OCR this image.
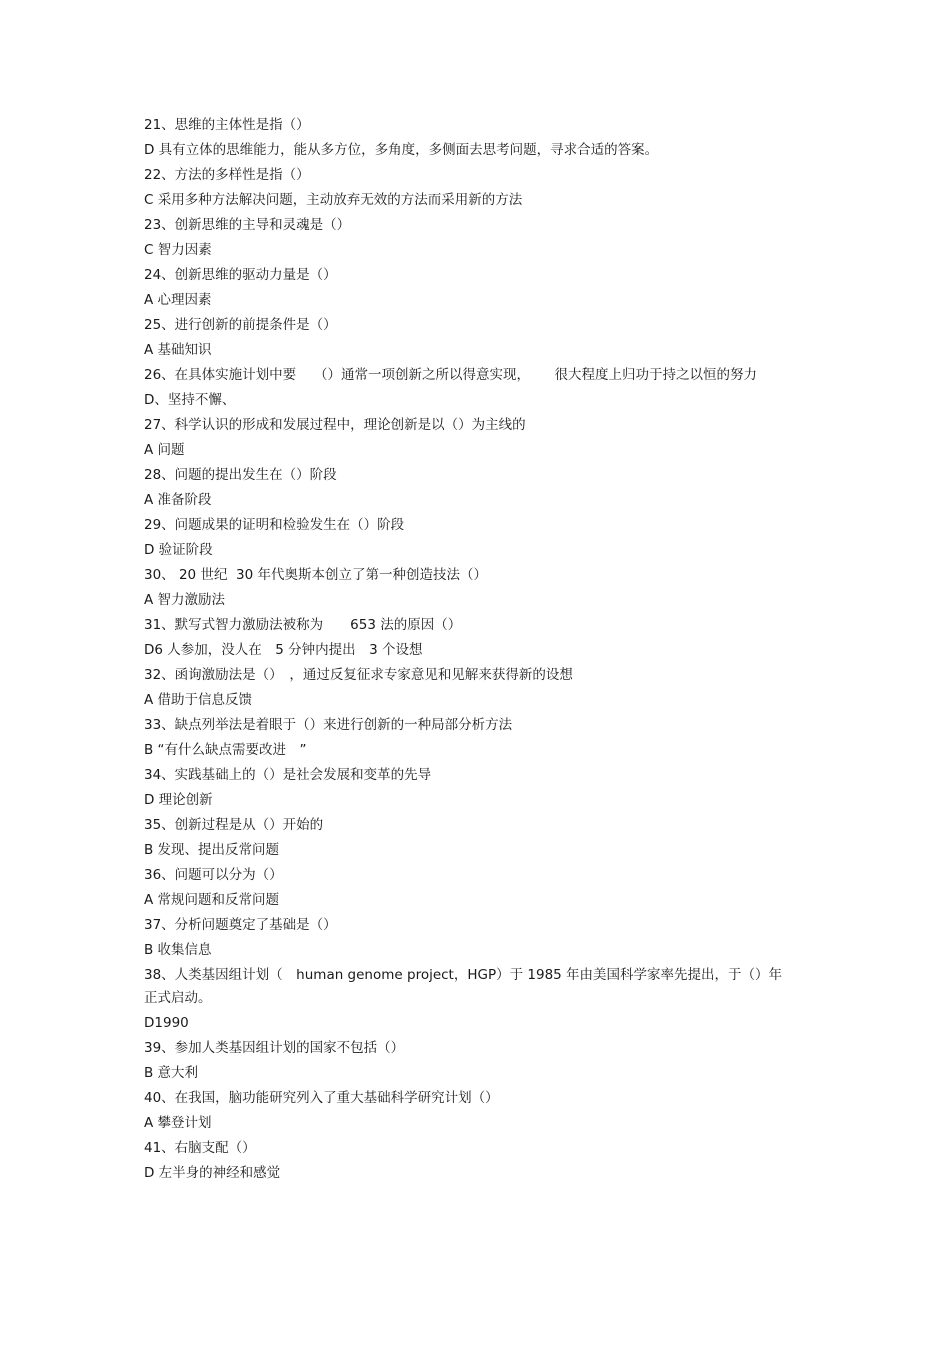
21、思维的主体性是指（）
D 具有立体的思维能力，能从多方位，多角度，多侧面去思考问题，寻求合适的答案。
22、方法的多样性是指（）
C 采用多种方法解决问题，主动放弃无效的方法而采用新的方法
23、创新思维的主导和灵魂是（）
C 智力因素
24、创新思维的驱动力量是（）
A 心理因素
25、进行创新的前提条件是（）
A 基础知识
26、在具体实施计划中要　 （）通常一项创新之所以得意实现，　　 很大程度上归功于持之以恒的努力
D、坚持不懈、
27、科学认识的形成和发展过程中，理论创新是以（）为主线的
A 问题
28、问题的提出发生在（）阶段
A 准备阶段
29、问题成果的证明和检验发生在（）阶段
D 验证阶段
30、 20 世纪  30 年代奥斯本创立了第一种创造技法（）
A 智力激励法
31、默写式智力激励法被称为　　653 法的原因（）
D6 人参加，没人在　5 分钟内提出　3 个设想
32、函询激励法是（）　，通过反复征求专家意见和见解来获得新的设想
A 借助于信息反馈
33、缺点列举法是着眼于（）来进行创新的一种局部分析方法
B “有什么缺点需要改进　”
34、实践基础上的（）是社会发展和变革的先导
D 理论创新
35、创新过程是从（）开始的
B 发现、提出反常问题
36、问题可以分为（）
A 常规问题和反常问题
37、分析问题奠定了基础是（）
B 收集信息
38、人类基因组计划（　human genome project，HGP）于 1985 年由美国科学家率先提出，于（）年正式启动。
D1990
39、参加人类基因组计划的国家不包括（）
B 意大利
40、在我国，脑功能研究列入了重大基础科学研究计划（）
A 攀登计划
41、右脑支配（）
D 左半身的神经和感觉
